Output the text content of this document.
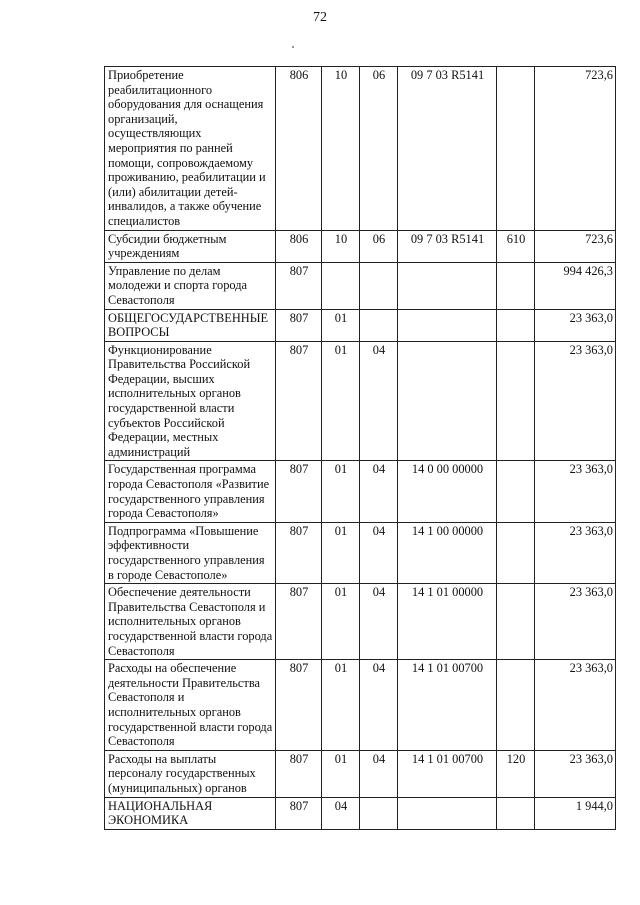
72
Приобретение реабилитационного оборудования для оснащения организаций, осуществляющих мероприятия по ранней помощи, сопровождаемому проживанию, реабилитации и (или) абилитации детей-инвалидов, а также обучение специалистов	806	10	06	09 7 03 R5141		723,6
Субсидии бюджетным учреждениям	806	10	06	09 7 03 R5141	610	723,6
Управление по делам молодежи и спорта города Севастополя	807					994 426,3
ОБЩЕГОСУДАРСТВЕННЫЕ ВОПРОСЫ	807	01				23 363,0
Функционирование Правительства Российской Федерации, высших исполнительных органов государственной власти субъектов Российской Федерации, местных администраций	807	01	04			23 363,0
Государственная программа города Севастополя «Развитие государственного управления города Севастополя»	807	01	04	14 0 00 00000		23 363,0
Подпрограмма «Повышение эффективности государственного управления в городе Севастополе»	807	01	04	14 1 00 00000		23 363,0
Обеспечение деятельности Правительства Севастополя и исполнительных органов государственной власти города Севастополя	807	01	04	14 1 01 00000		23 363,0
Расходы на обеспечение деятельности Правительства Севастополя и исполнительных органов государственной власти города Севастополя	807	01	04	14 1 01 00700		23 363,0
Расходы на выплаты персоналу государственных (муниципальных) органов	807	01	04	14 1 01 00700	120	23 363,0
НАЦИОНАЛЬНАЯ ЭКОНОМИКА	807	04				1 944,0
